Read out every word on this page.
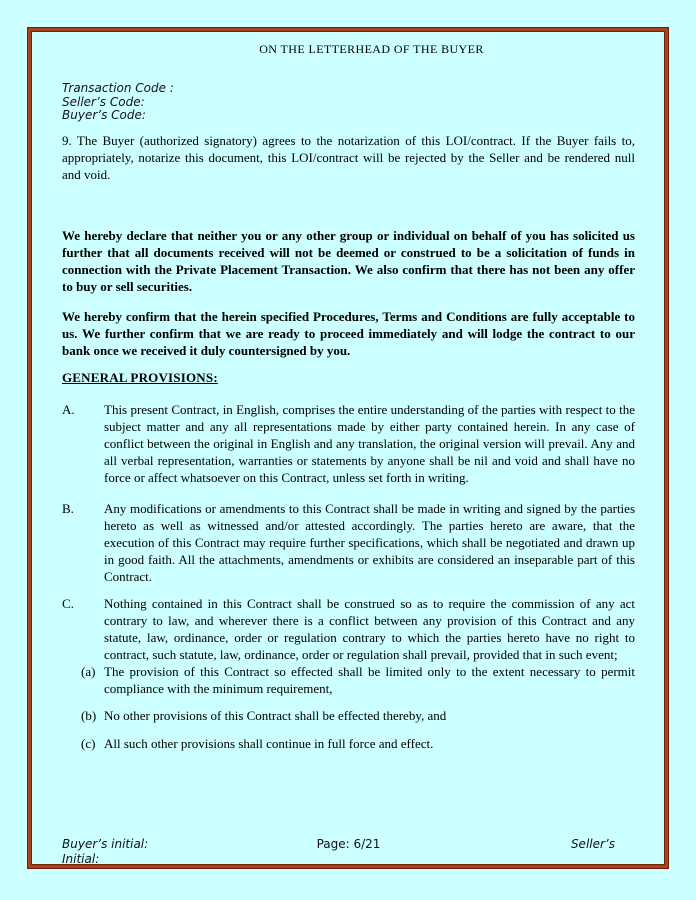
ON THE LETTERHEAD OF THE BUYER
Transaction Code :
Seller’s Code:
Buyer’s Code:

9. The Buyer (authorized signatory) agrees to the notarization of this LOI/contract. If the Buyer fails to, appropriately, notarize this document, this LOI/contract will be rejected by the Seller and be rendered null and void.

We hereby declare that neither you or any other group or individual on behalf of you has solicited us further that all documents received will not be deemed or construed to be a solicitation of funds in connection with the Private Placement Transaction. We also confirm that there has not been any offer to buy or sell securities.

We hereby confirm that the herein specified Procedures, Terms and Conditions are fully acceptable to us. We further confirm that we are ready to proceed immediately and will lodge the contract to our bank once we received it duly countersigned by you.

GENERAL PROVISIONS:
A.	This present Contract, in English, comprises the entire understanding of the parties with respect to the subject matter and any all representations made by either party contained herein. In any case of conflict between the original in English and any translation, the original version will prevail. Any and all verbal representation, warranties or statements by anyone shall be nil and void and shall have no force or affect whatsoever on this Contract, unless set forth in writing.
B.	Any modifications or amendments to this Contract shall be made in writing and signed by the parties hereto as well as witnessed and/or attested accordingly. The parties hereto are aware, that the execution of this Contract may require further specifications, which shall be negotiated and drawn up in good faith. All the attachments, amendments or exhibits are considered an inseparable part of this Contract.
C.	Nothing contained in this Contract shall be construed so as to require the commission of any act contrary to law, and wherever there is a conflict between any provision of this Contract and any statute, law, ordinance, order or regulation contrary to which the parties hereto have no right to contract, such statute, law, ordinance, order or regulation shall prevail, provided that in such event;
(a) The provision of this Contract so effected shall be limited only to the extent necessary to permit compliance with the minimum requirement,
(b) No other provisions of this Contract shall be effected thereby, and
(c) All such other provisions shall continue in full force and effect.
Page: 6/21
Buyer’s initial:
Initial:
Seller’s
